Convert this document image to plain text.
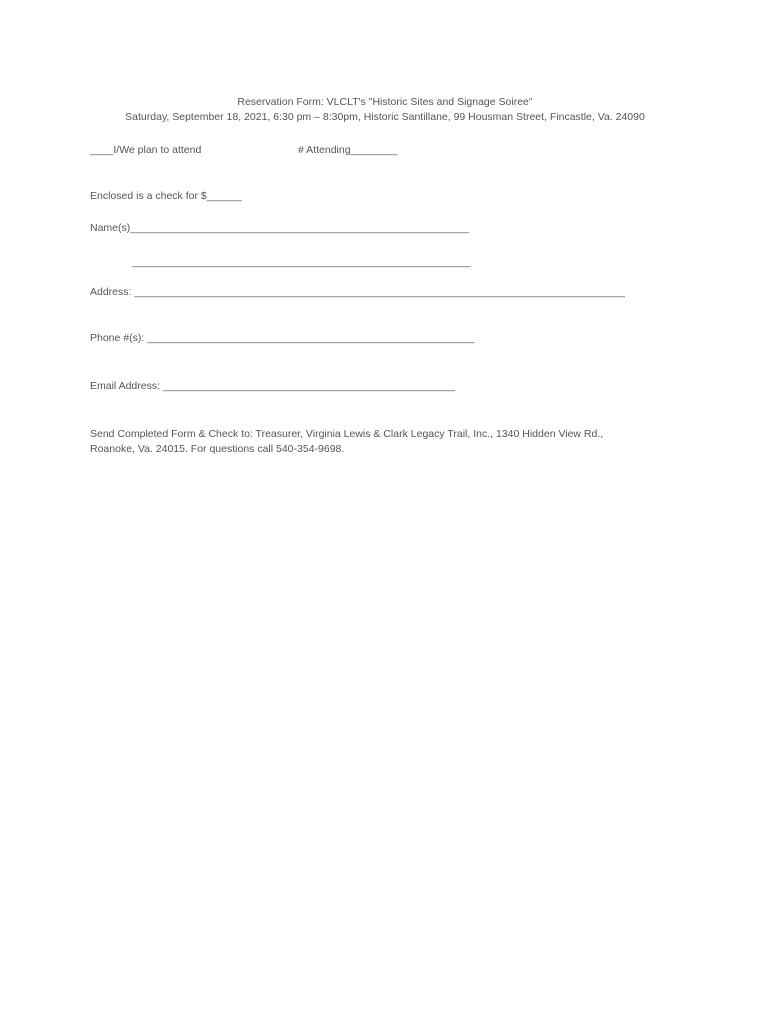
Reservation Form: VLCLT's "Historic Sites and Signage Soiree"
Saturday, September 18, 2021, 6:30 pm – 8:30pm, Historic Santillane, 99 Housman Street, Fincastle, Va. 24090
____I/We plan to attend	# Attending________
Enclosed is a check for $______
Name(s)__________________________________________________________
__________________________________________________________
Address: ____________________________________________________________________________________
Phone #(s): ________________________________________________________
Email Address: __________________________________________________
Send Completed Form & Check to: Treasurer, Virginia Lewis & Clark Legacy Trail, Inc., 1340 Hidden View Rd.,
Roanoke, Va. 24015. For questions call 540-354-9698.
